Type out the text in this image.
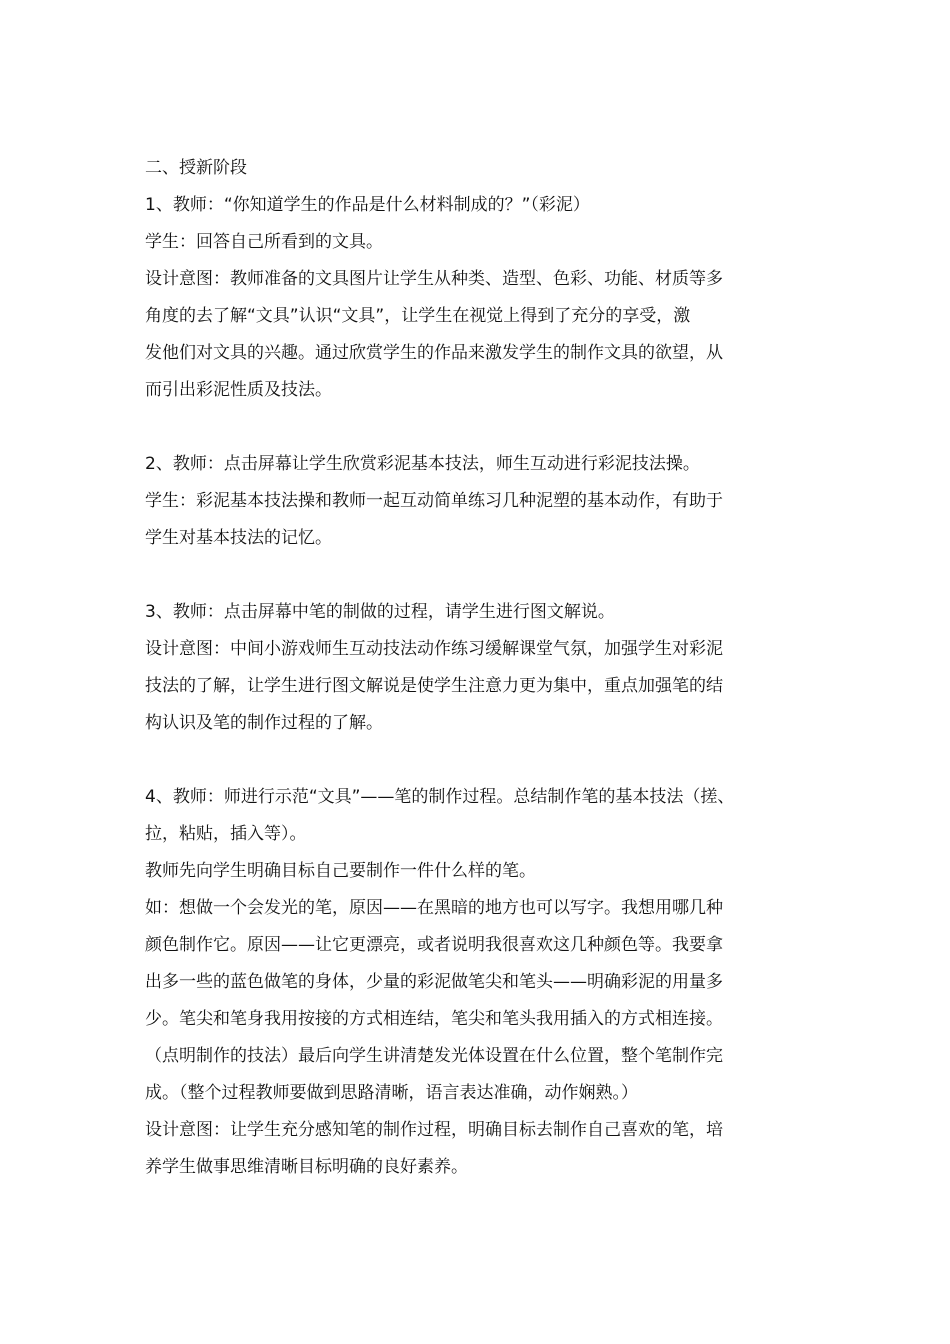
二、授新阶段
1、教师：“你知道学生的作品是什么材料制成的？”（彩泥）
学生：回答自己所看到的文具。
设计意图：教师准备的文具图片让学生从种类、造型、色彩、功能、材质等多
角度的去了解“文具”认识“文具”，让学生在视觉上得到了充分的享受，激
发他们对文具的兴趣。通过欣赏学生的作品来激发学生的制作文具的欲望，从
而引出彩泥性质及技法。
2、教师：点击屏幕让学生欣赏彩泥基本技法，师生互动进行彩泥技法操。
学生：彩泥基本技法操和教师一起互动简单练习几种泥塑的基本动作，有助于
学生对基本技法的记忆。
3、教师：点击屏幕中笔的制做的过程，请学生进行图文解说。
设计意图：中间小游戏师生互动技法动作练习缓解课堂气氛，加强学生对彩泥
技法的了解，让学生进行图文解说是使学生注意力更为集中，重点加强笔的结
构认识及笔的制作过程的了解。
4、教师：师进行示范“文具”——笔的制作过程。总结制作笔的基本技法（搓、
拉，粘贴，插入等）。
教师先向学生明确目标自己要制作一件什么样的笔。
如：想做一个会发光的笔，原因——在黑暗的地方也可以写字。我想用哪几种
颜色制作它。原因——让它更漂亮，或者说明我很喜欢这几种颜色等。我要拿
出多一些的蓝色做笔的身体，少量的彩泥做笔尖和笔头——明确彩泥的用量多
少。笔尖和笔身我用按接的方式相连结，笔尖和笔头我用插入的方式相连接。
（点明制作的技法）最后向学生讲清楚发光体设置在什么位置，整个笔制作完
成。（整个过程教师要做到思路清晰，语言表达准确，动作娴熟。）
设计意图：让学生充分感知笔的制作过程，明确目标去制作自己喜欢的笔，培
养学生做事思维清晰目标明确的良好素养。
